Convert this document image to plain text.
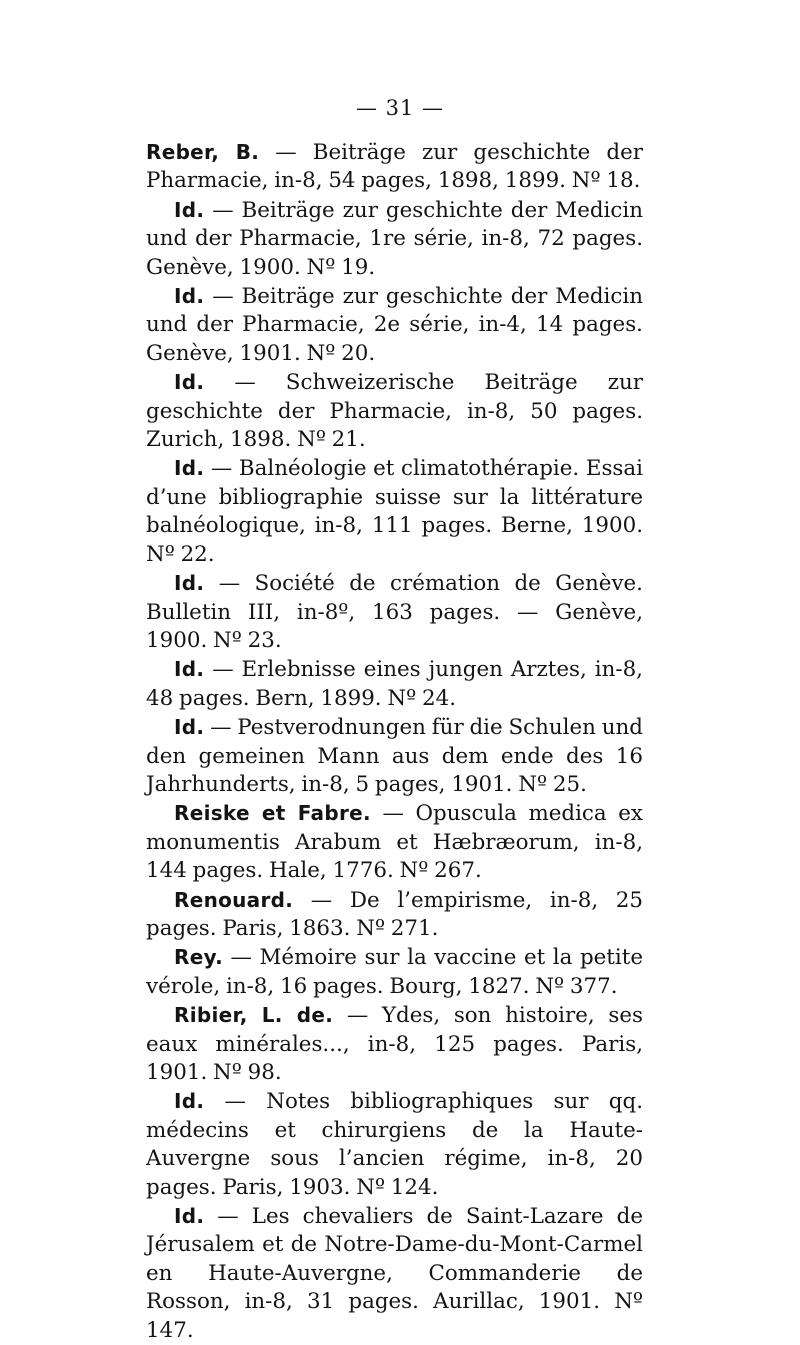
— 31 —

Reber, B. — Beiträge zur geschichte der Pharmacie, in-8, 54 pages, 1898, 1899. Nº 18.

Id. — Beiträge zur geschichte der Medicin und der Pharmacie, 1re série, in-8, 72 pages. Genève, 1900. Nº 19.

Id. — Beiträge zur geschichte der Medicin und der Pharmacie, 2e série, in-4, 14 pages. Genève, 1901. Nº 20.

Id. — Schweizerische Beiträge zur geschichte der Pharmacie, in-8, 50 pages. Zurich, 1898. Nº 21.

Id. — Balnéologie et climatothérapie. Essai d’une bibliographie suisse sur la littérature balnéologique, in-8, 111 pages. Berne, 1900. Nº 22.

Id. — Société de crémation de Genève. Bulletin III, in-8º, 163 pages. — Genève, 1900. Nº 23.

Id. — Erlebnisse eines jungen Arztes, in-8, 48 pages. Bern, 1899. Nº 24.

Id. — Pestverodnungen für die Schulen und den gemeinen Mann aus dem ende des 16 Jahrhunderts, in-8, 5 pages, 1901. Nº 25.

Reiske et Fabre. — Opuscula medica ex monumentis Arabum et Hæbræorum, in-8, 144 pages. Hale, 1776. Nº 267.

Renouard. — De l’empirisme, in-8, 25 pages. Paris, 1863. Nº 271.

Rey. — Mémoire sur la vaccine et la petite vérole, in-8, 16 pages. Bourg, 1827. Nº 377.

Ribier, L. de. — Ydes, son histoire, ses eaux minérales..., in-8, 125 pages. Paris, 1901. Nº 98.

Id. — Notes bibliographiques sur qq. médecins et chirurgiens de la Haute-Auvergne sous l’ancien régime, in-8, 20 pages. Paris, 1903. Nº 124.

Id. — Les chevaliers de Saint-Lazare de Jérusalem et de Notre-Dame-du-Mont-Carmel en Haute-Auvergne, Commanderie de Rosson, in-8, 31 pages. Aurillac, 1901. Nº 147.
